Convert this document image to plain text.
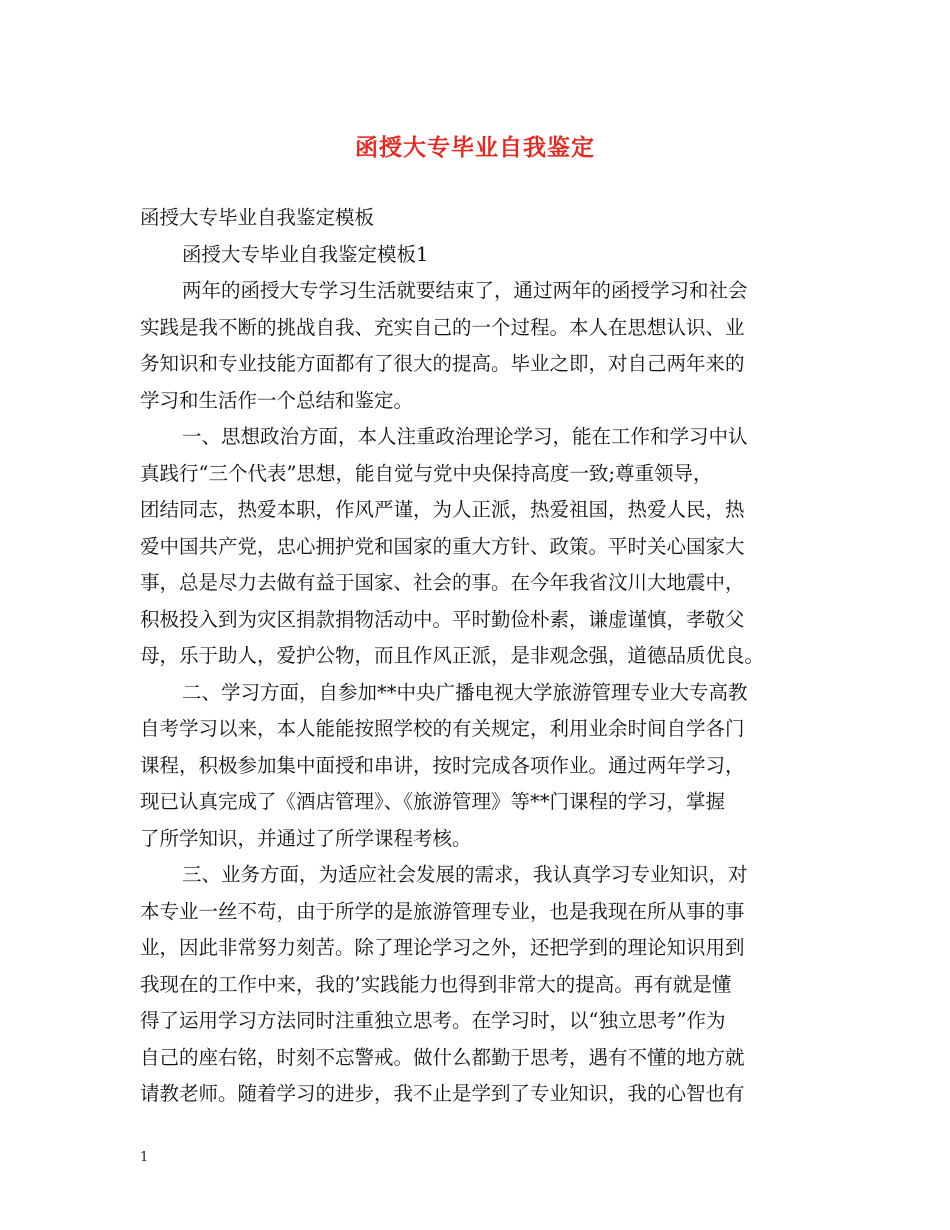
函授大专毕业自我鉴定
函授大专毕业自我鉴定模板
函授大专毕业自我鉴定模板1
两年的函授大专学习生活就要结束了，通过两年的函授学习和社会
实践是我不断的挑战自我、充实自己的一个过程。本人在思想认识、业
务知识和专业技能方面都有了很大的提高。毕业之即，对自己两年来的
学习和生活作一个总结和鉴定。
一、思想政治方面，本人注重政治理论学习，能在工作和学习中认
真践行“三个代表”思想，能自觉与党中央保持高度一致;尊重领导，
团结同志，热爱本职，作风严谨，为人正派，热爱祖国，热爱人民，热
爱中国共产党，忠心拥护党和国家的重大方针、政策。平时关心国家大
事，总是尽力去做有益于国家、社会的事。在今年我省汶川大地震中，
积极投入到为灾区捐款捐物活动中。平时勤俭朴素，谦虚谨慎，孝敬父
母，乐于助人，爱护公物，而且作风正派，是非观念强，道德品质优良。
二、学习方面，自参加**中央广播电视大学旅游管理专业大专高教
自考学习以来，本人能能按照学校的有关规定，利用业余时间自学各门
课程，积极参加集中面授和串讲，按时完成各项作业。通过两年学习，
现已认真完成了《酒店管理》、《旅游管理》等**门课程的学习，掌握
了所学知识，并通过了所学课程考核。
三、业务方面，为适应社会发展的需求，我认真学习专业知识，对
本专业一丝不苟，由于所学的是旅游管理专业，也是我现在所从事的事
业，因此非常努力刻苦。除了理论学习之外，还把学到的理论知识用到
我现在的工作中来，我的’实践能力也得到非常大的提高。再有就是懂
得了运用学习方法同时注重独立思考。在学习时，以“独立思考”作为
自己的座右铭，时刻不忘警戒。做什么都勤于思考，遇有不懂的地方就
请教老师。随着学习的进步，我不止是学到了专业知识，我的心智也有
1
